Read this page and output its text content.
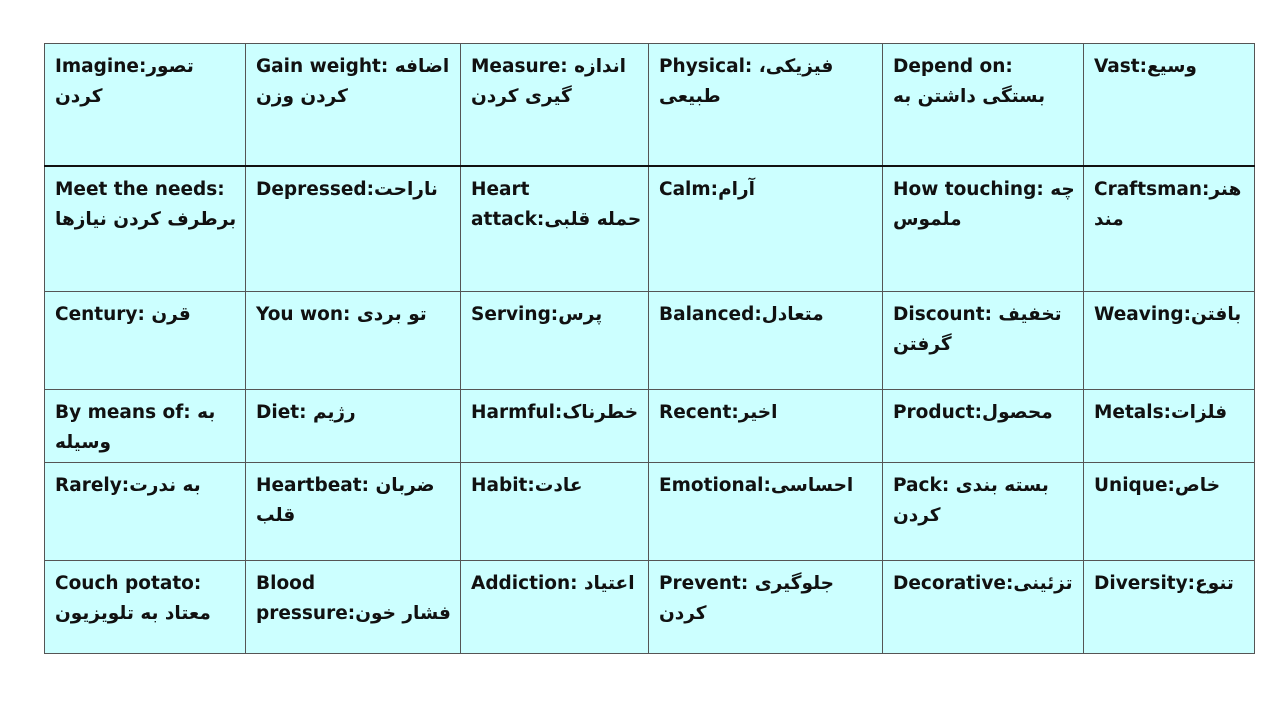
Imagine:تصور کردن	Gain weight: اضافه کردن وزن	Measure: اندازه گیری کردن	Physical: فیزیکی، طبیعی	Depend on: بستگی داشتن به	Vast:وسیع
Meet the needs: برطرف کردن نیازها	Depressed:ناراحت	Heart attack:حمله قلبی	Calm:آرام	How touching: چه ملموس	Craftsman:هنرمند
Century: قرن	You won: تو بردی	Serving:پرس	Balanced:متعادل	Discount: تخفیف گرفتن	Weaving:بافتن
By means of: به وسیله	Diet: رژیم	Harmful:خطرناک	Recent:اخیر	Product:محصول	Metals:فلزات
Rarely:به ندرت	Heartbeat: ضربان قلب	Habit:عادت	Emotional:احساسی	Pack: بسته بندی کردن	Unique:خاص
Couch potato: معتاد به تلویزیون	Blood pressure:فشار خون	Addiction: اعتیاد	Prevent: جلوگیری کردن	Decorative:تزئینی	Diversity:تنوع
